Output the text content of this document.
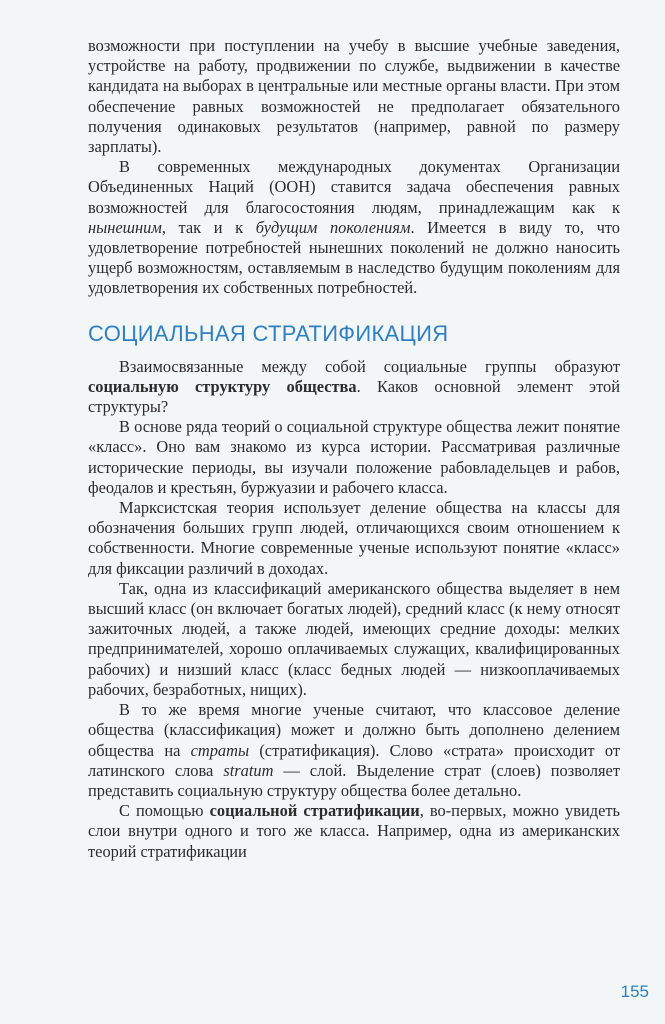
возможности при поступлении на учебу в высшие учебные заведения, устройстве на работу, продвижении по службе, выдвижении в качестве кандидата на выборах в центральные или местные органы власти. При этом обеспечение равных возможностей не предполагает обязательного получения одинаковых результатов (например, равной по размеру зарплаты).

В современных международных документах Организации Объединенных Наций (ООН) ставится задача обеспечения равных возможностей для благосостояния людям, принадлежащим как к нынешним, так и к будущим поколениям. Имеется в виду то, что удовлетворение потребностей нынешних поколений не должно наносить ущерб возможностям, оставляемым в наследство будущим поколениям для удовлетворения их собственных потребностей.

СОЦИАЛЬНАЯ СТРАТИФИКАЦИЯ

Взаимосвязанные между собой социальные группы образуют социальную структуру общества. Каков основной элемент этой структуры?

В основе ряда теорий о социальной структуре общества лежит понятие «класс». Оно вам знакомо из курса истории. Рассматривая различные исторические периоды, вы изучали положение рабовладельцев и рабов, феодалов и крестьян, буржуазии и рабочего класса.

Марксистская теория использует деление общества на классы для обозначения больших групп людей, отличающихся своим отношением к собственности. Многие современные ученые используют понятие «класс» для фиксации различий в доходах.

Так, одна из классификаций американского общества выделяет в нем высший класс (он включает богатых людей), средний класс (к нему относят зажиточных людей, а также людей, имеющих средние доходы: мелких предпринимателей, хорошо оплачиваемых служащих, квалифицированных рабочих) и низший класс (класс бедных людей — низкооплачиваемых рабочих, безработных, нищих).

В то же время многие ученые считают, что классовое деление общества (классификация) может и должно быть дополнено делением общества на страты (стратификация). Слово «страта» происходит от латинского слова stratum — слой. Выделение страт (слоев) позволяет представить социальную структуру общества более детально.

С помощью социальной стратификации, во-первых, можно увидеть слои внутри одного и того же класса. Например, одна из американских теорий стратификации

155
